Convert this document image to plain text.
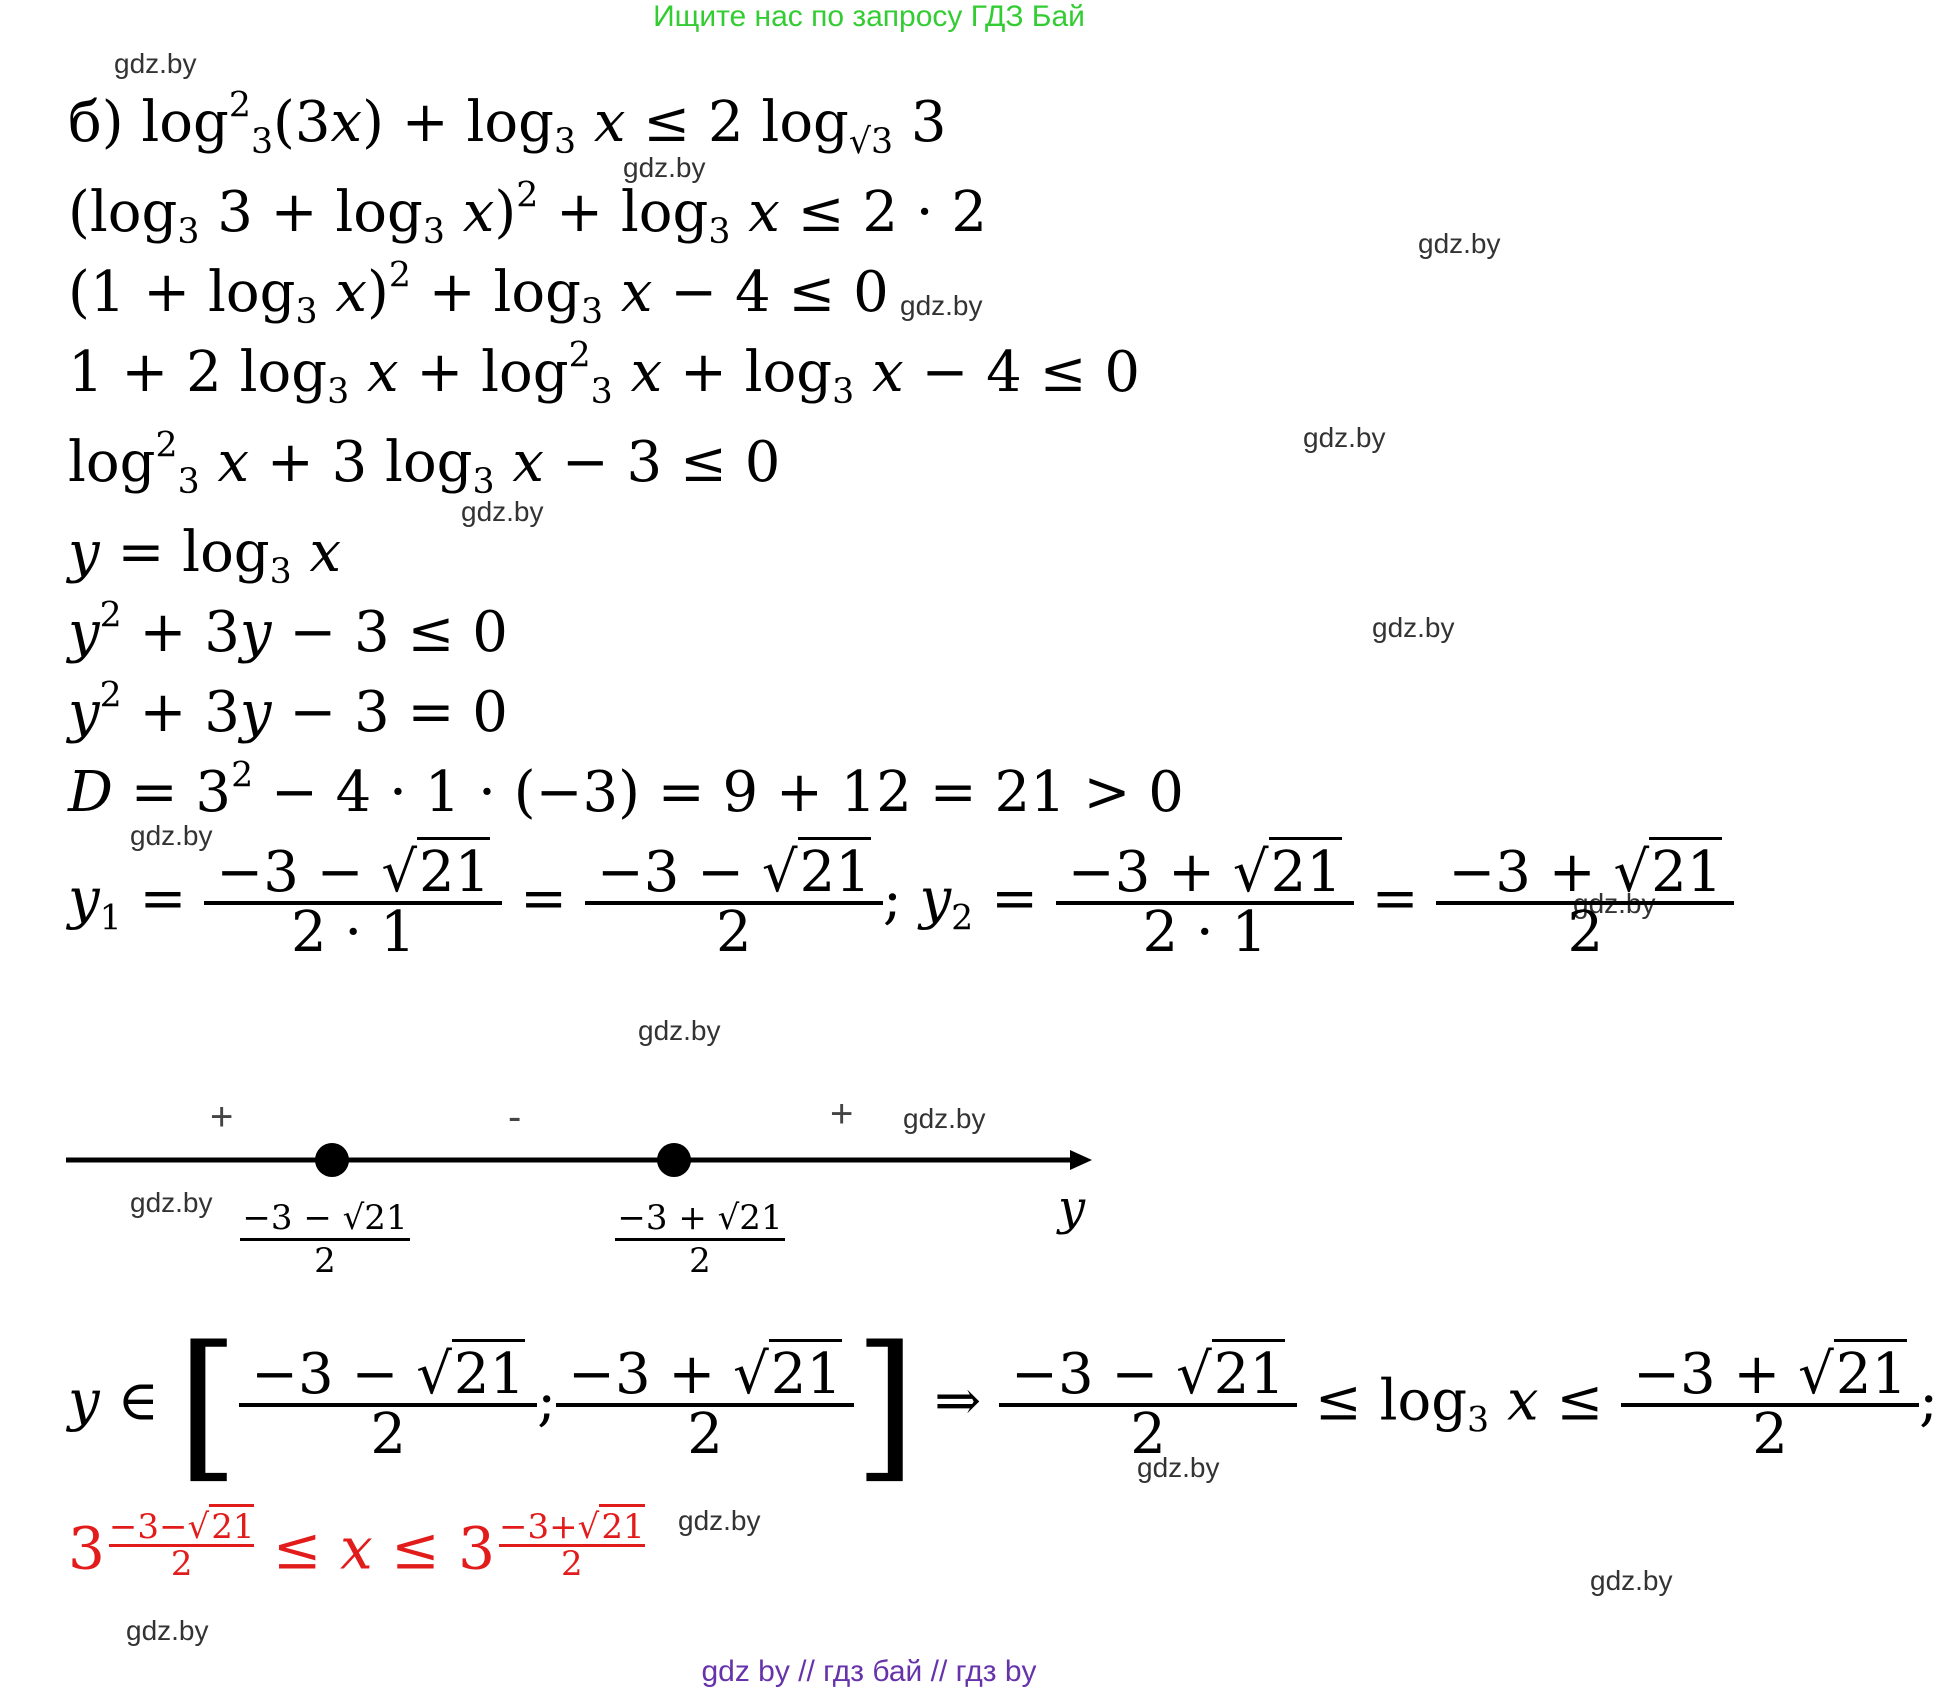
Ищите нас по запросу ГДЗ Бай
gdz.by
gdz.by
gdz.by
gdz.by
gdz.by
gdz.by
gdz.by
gdz.by
gdz.by
gdz.by
gdz.by
gdz.by
gdz.by
gdz.by
gdz.by
gdz.by
б) $\log^2_3(3x) + \log_3 x \le 2$ $\log_{√3} 3$
($\log_3$ $3 + \log_3 x)^2 + \log_3 x \le 2 \cdot 2$
$(1 + \log_3 x)^2 + \log_3 x - 4 \le 0$
1 + 2 $\log_3 x + \log^2_3 x + \log_3 x - 4 \le 0$
$\log^2_3 x + 3$ $\log_3 x - 3 \le 0$
$y = \log_3 x$
$y^2 + 3y - 3 \le 0$
$y^2 + 3y - 3 = 0$
$D = 3^2 - 4 \cdot 1 \cdot (-3) = 9 + 12 = 21 > 0$
$y_1 = \frac{-3 - √21}{2 \cdot 1} = \frac{-3 - √21}{2}$ ; $y_2 = \frac{-3 + √21}{2 \cdot 1} = \frac{-3 + √21}{2}$
+	-	+
y
$\frac{-3 - √21}{2}$	$\frac{-3 + √21}{2}$
y ∈ [ $\frac{-3 - √21}{2}$ ; $\frac{-3 + √21}{2}$ ] ⇒ $\frac{-3 - √21}{2} \le \log_3 x \le \frac{-3 + √21}{2}$ ;
$3 \frac{-3-√21}{2} \le x \le 3 \frac{-3+√21}{2}$
gdz by // гдз бай // гдз by
